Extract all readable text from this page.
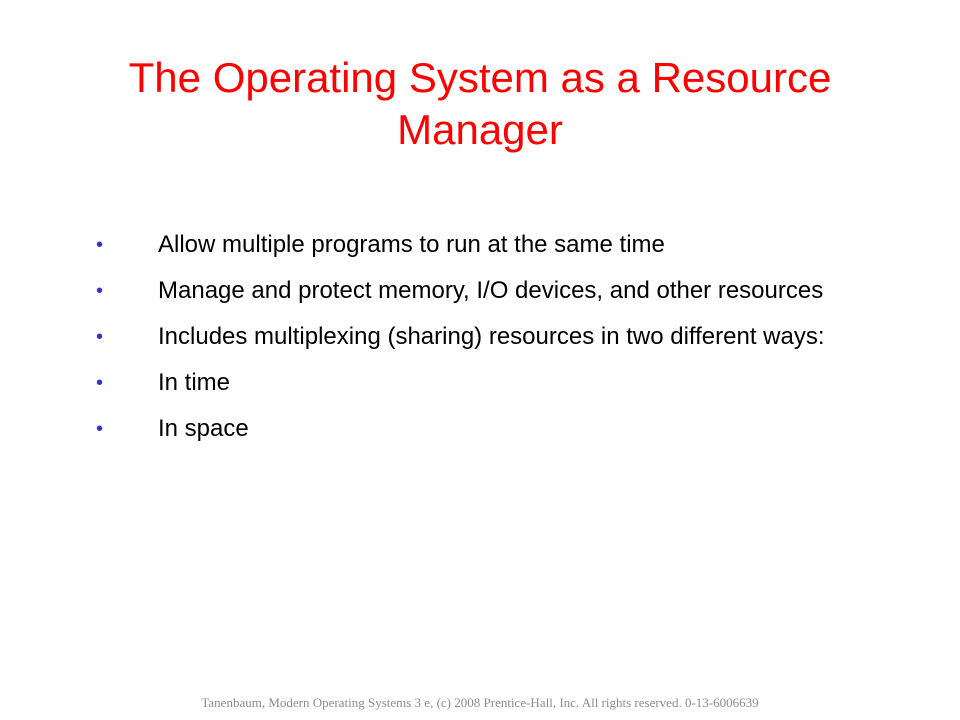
The Operating System as a Resource Manager
•	Allow multiple programs to run at the same time
•	Manage and protect memory, I/O devices, and other resources
•	Includes multiplexing (sharing) resources in two different ways:
•	In time
•	In space
Tanenbaum, Modern Operating Systems 3 e, (c) 2008 Prentice-Hall, Inc. All rights reserved. 0-13-6006639
